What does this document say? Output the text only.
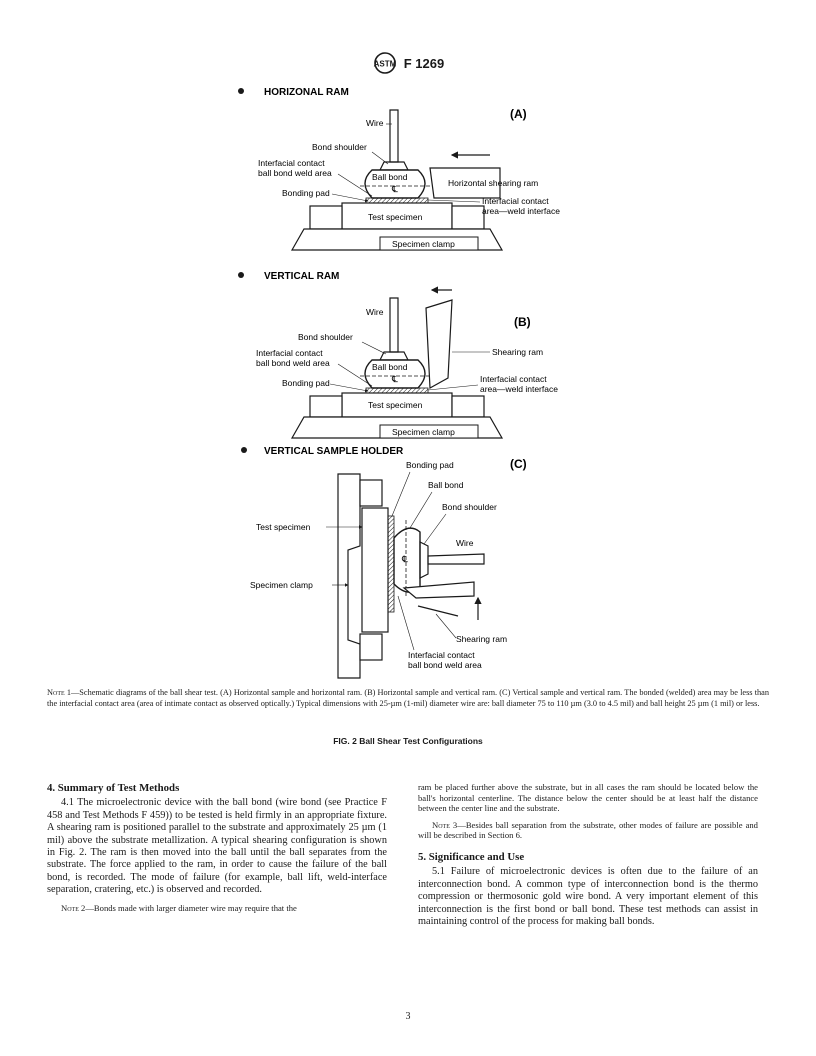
ASTM F 1269
HORIZONAL RAM
(A)
Wire
Bond shoulder
Interfacial contact
ball bond weld area	Ball bond
℄
Bonding pad
Horizontal shearing ram
Interfacial contact
area—weld interface
Test specimen
Specimen clamp
VERTICAL RAM
(B)
Wire
Bond shoulder
Interfacial contact
ball bond weld area	Ball bond
℄
Bonding pad
Shearing ram
Interfacial contact
area—weld interface
Test specimen
Specimen clamp
VERTICAL SAMPLE HOLDER
(C)
Bonding pad
Ball bond
Bond shoulder
Test specimen
Wire
℄
Specimen clamp
Shearing ram
Interfacial contact
ball bond weld area
Note 1—Schematic diagrams of the ball shear test. (A) Horizontal sample and horizontal ram. (B) Horizontal sample and vertical ram. (C) Vertical sample and vertical ram. The bonded (welded) area may be less than the interfacial contact area (area of intimate contact as observed optically.) Typical dimensions with 25-µm (1-mil) diameter wire are: ball diameter 75 to 110 µm (3.0 to 4.5 mil) and ball height 25 µm (1 mil) or less.
FIG. 2 Ball Shear Test Configurations

4. Summary of Test Methods

4.1 The microelectronic device with the ball bond (wire bond (see Practice F 458 and Test Methods F 459)) to be tested is held firmly in an appropriate fixture. A shearing ram is positioned parallel to the substrate and approximately 25 µm (1 mil) above the substrate metallization. A typical shearing configuration is shown in Fig. 2. The ram is then moved into the ball until the ball separates from the substrate. The force applied to the ram, in order to cause the failure of the ball bond, is recorded. The mode of failure (for example, ball lift, weld-interface separation, cratering, etc.) is observed and recorded.

Note 2—Bonds made with larger diameter wire may require that the

ram be placed further above the substrate, but in all cases the ram should be located below the ball's horizontal centerline. The distance below the center should be at least half the distance between the center line and the substrate.

Note 3—Besides ball separation from the substrate, other modes of failure are possible and will be described in Section 6.

5. Significance and Use

5.1 Failure of microelectronic devices is often due to the failure of an interconnection bond. A common type of interconnection bond is the thermo compression or thermosonic gold wire bond. A very important element of this interconnection is the first bond or ball bond. These test methods can assist in maintaining control of the process for making ball bonds.

3
